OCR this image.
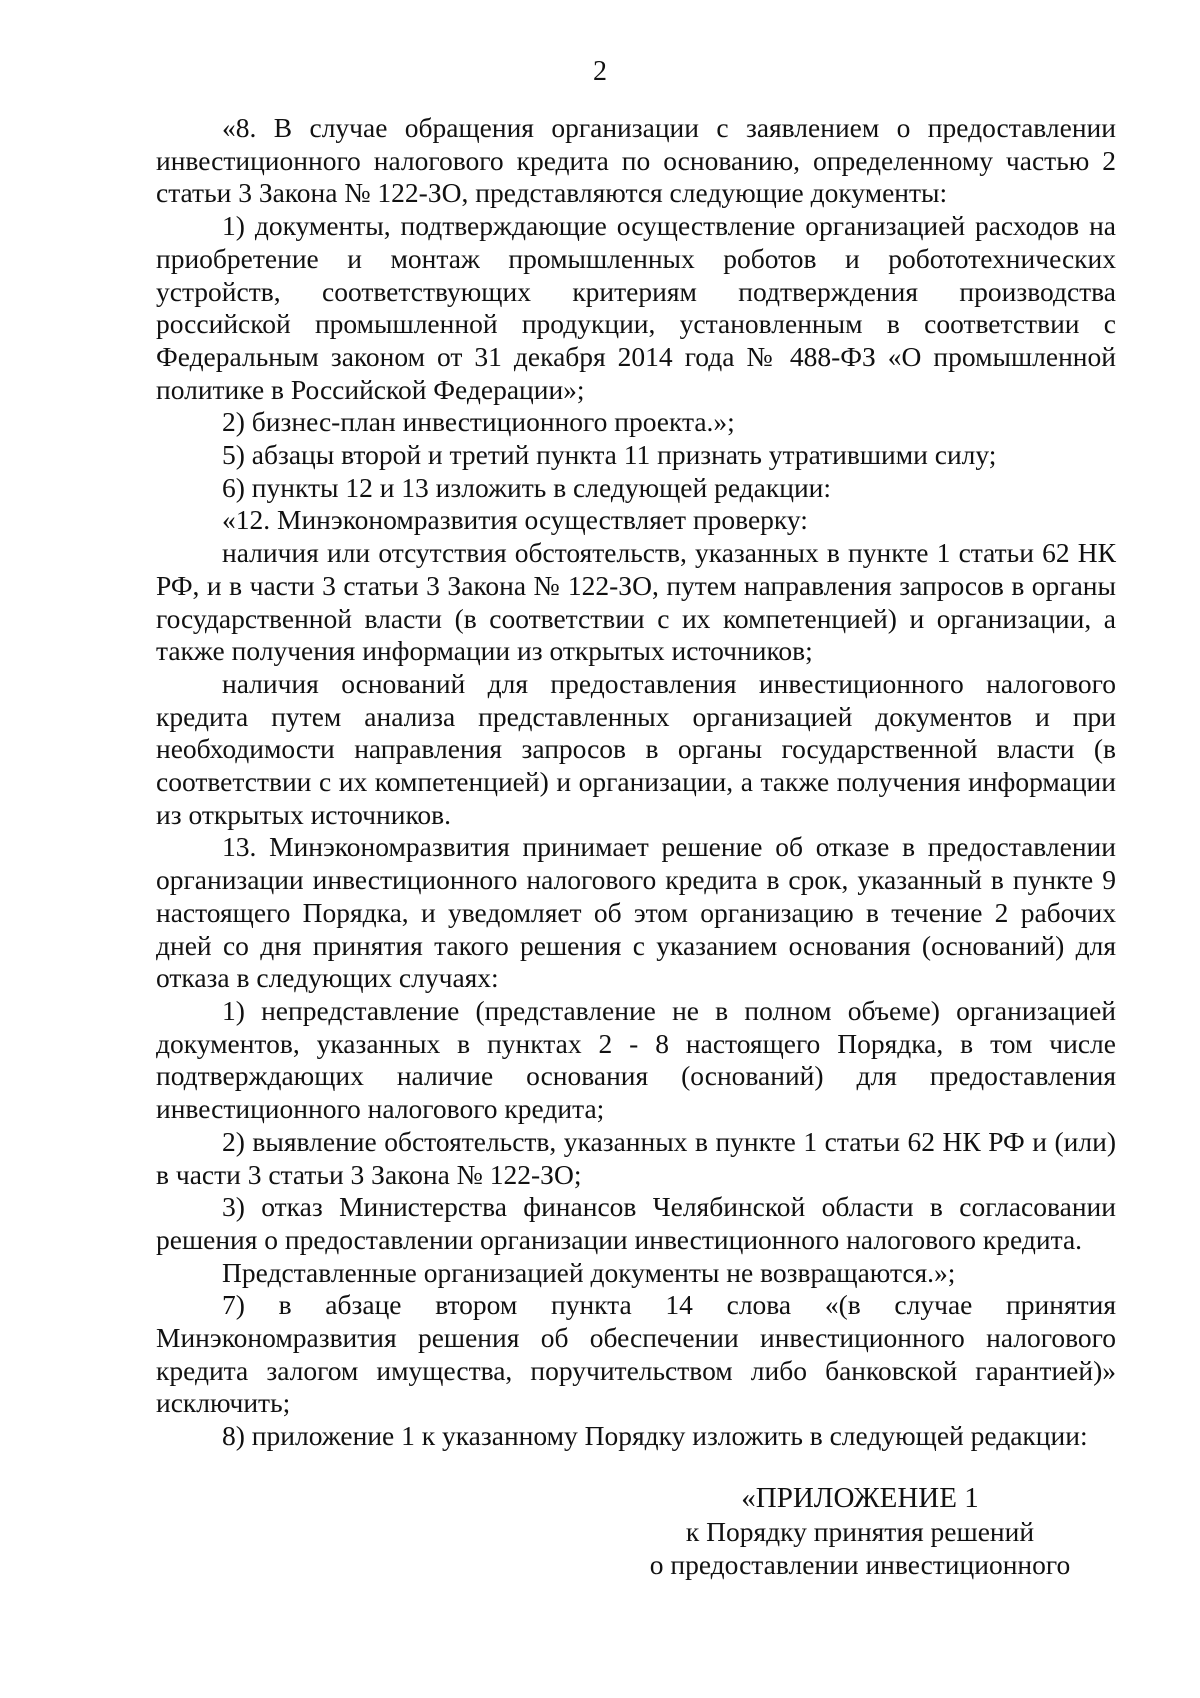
2

«8. В случае обращения организации с заявлением о предоставлении инвестиционного налогового кредита по основанию, определенному частью 2 статьи 3 Закона № 122-ЗО, представляются следующие документы:

1) документы, подтверждающие осуществление организацией расходов на приобретение и монтаж промышленных роботов и робототехнических устройств, соответствующих критериям подтверждения производства российской промышленной продукции, установленным в соответствии с Федеральным законом от 31 декабря 2014 года № 488-ФЗ «О промышленной политике в Российской Федерации»;

2) бизнес-план инвестиционного проекта.»;

5) абзацы второй и третий пункта 11 признать утратившими силу;

6) пункты 12 и 13 изложить в следующей редакции:

«12. Минэкономразвития осуществляет проверку:

наличия или отсутствия обстоятельств, указанных в пункте 1 статьи 62 НК РФ, и в части 3 статьи 3 Закона № 122-ЗО, путем направления запросов в органы государственной власти (в соответствии с их компетенцией) и организации, а также получения информации из открытых источников;

наличия оснований для предоставления инвестиционного налогового кредита путем анализа представленных организацией документов и при необходимости направления запросов в органы государственной власти (в соответствии с их компетенцией) и организации, а также получения информации из открытых источников.

13. Минэкономразвития принимает решение об отказе в предоставлении организации инвестиционного налогового кредита в срок, указанный в пункте 9 настоящего Порядка, и уведомляет об этом организацию в течение 2 рабочих дней со дня принятия такого решения с указанием основания (оснований) для отказа в следующих случаях:

1) непредставление (представление не в полном объеме) организацией документов, указанных в пунктах 2 - 8 настоящего Порядка, в том числе подтверждающих наличие основания (оснований) для предоставления инвестиционного налогового кредита;

2) выявление обстоятельств, указанных в пункте 1 статьи 62 НК РФ и (или) в части 3 статьи 3 Закона № 122-ЗО;

3) отказ Министерства финансов Челябинской области в согласовании решения о предоставлении организации инвестиционного налогового кредита.

Представленные организацией документы не возвращаются.»;

7) в абзаце втором пункта 14 слова «(в случае принятия Минэкономразвития решения об обеспечении инвестиционного налогового кредита залогом имущества, поручительством либо банковской гарантией)» исключить;

8) приложение 1 к указанному Порядку изложить в следующей редакции:

«ПРИЛОЖЕНИЕ 1

к Порядку принятия решений

о предоставлении инвестиционного
